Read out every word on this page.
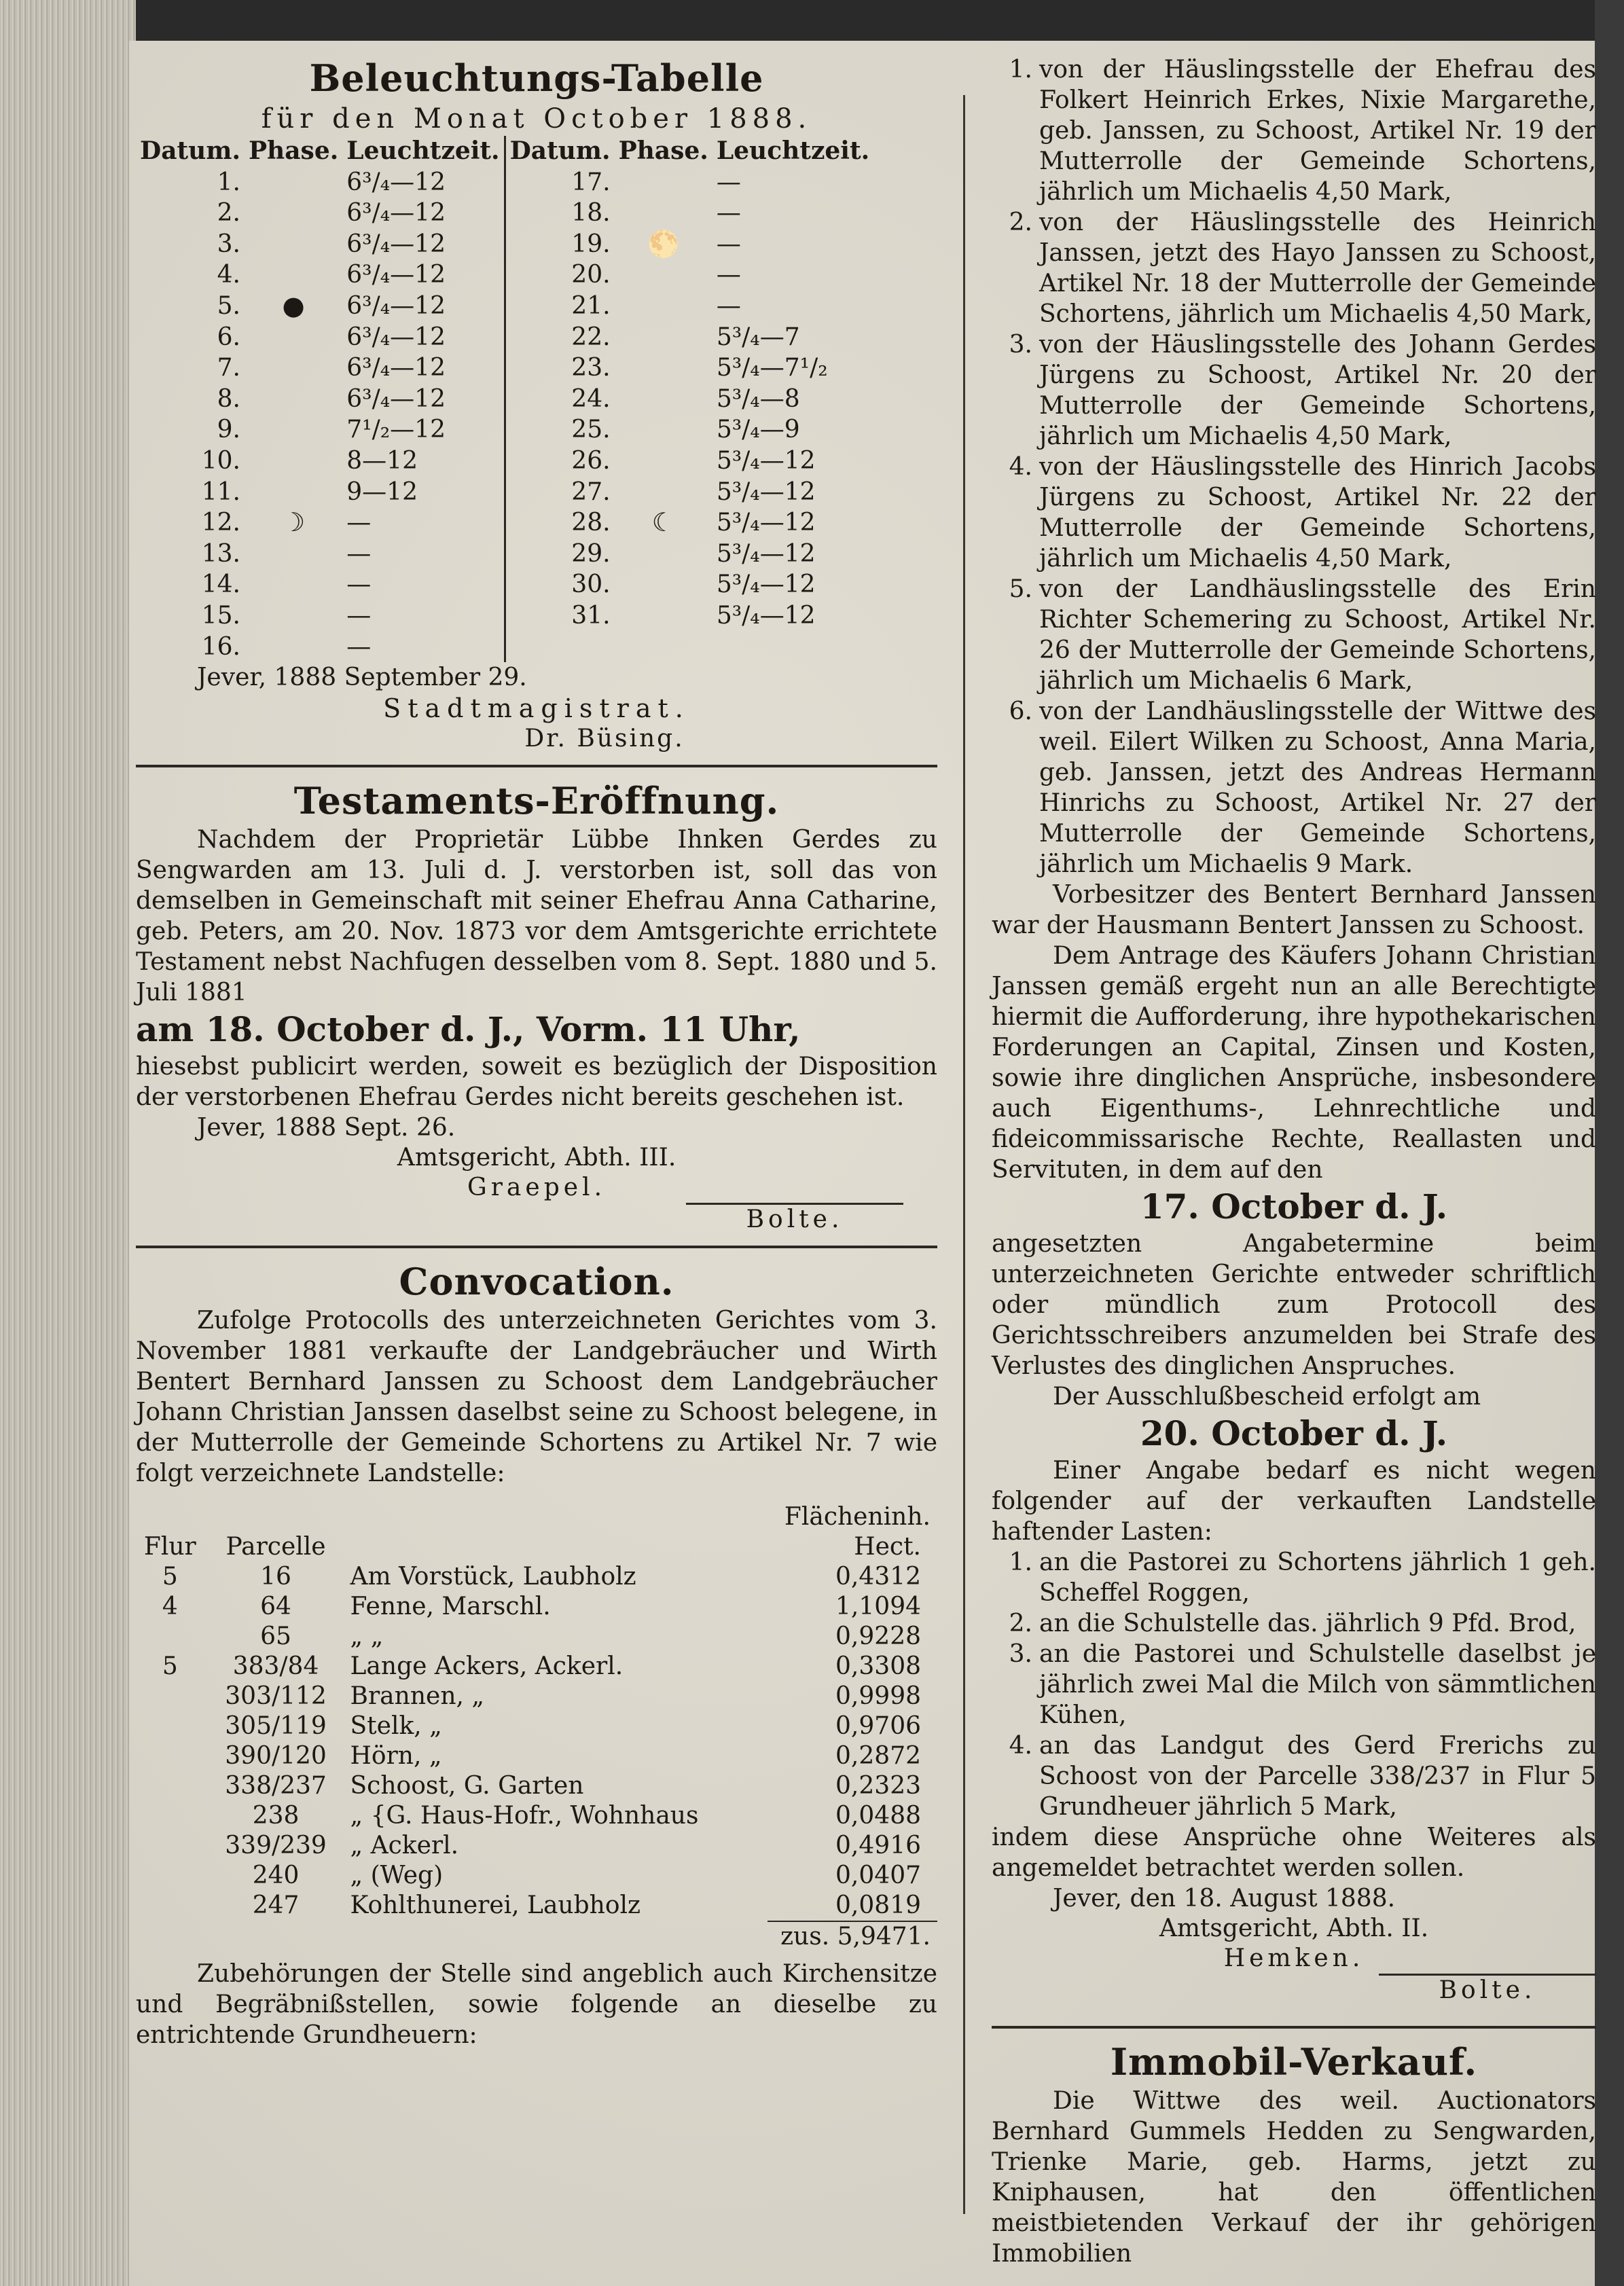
Beleuchtungs-Tabelle
für den Monat October 1888.
Datum.	Phase.	Leuchtzeit.	Datum.	Phase.	Leuchtzeit.
1.		6³/₄—12	17.		—
2.		6³/₄—12	18.		—
3.		6³/₄—12	19.	🌕	—
4.		6³/₄—12	20.		—
5.	●	6³/₄—12	21.		—
6.		6³/₄—12	22.		5³/₄—7
7.		6³/₄—12	23.		5³/₄—7¹/₂
8.		6³/₄—12	24.		5³/₄—8
9.		7¹/₂—12	25.		5³/₄—9
10.		8—12	26.		5³/₄—12
11.		9—12	27.		5³/₄—12
12.	☽	—	28.	☾	5³/₄—12
13.		—	29.		5³/₄—12
14.		—	30.		5³/₄—12
15.		—	31.		5³/₄—12
16.		—			

Jever, 1888 September 29.

Stadtmagistrat.
Dr. Büsing.
Testaments-Eröffnung.

Nachdem der Proprietär Lübbe Ihnken Gerdes zu Sengwarden am 13. Juli d. J. verstorben ist, soll das von demselben in Gemeinschaft mit seiner Ehefrau Anna Catharine, geb. Peters, am 20. Nov. 1873 vor dem Amtsgerichte errichtete Testament nebst Nachfugen desselben vom 8. Sept. 1880 und 5. Juli 1881

am 18. October d. J., Vorm. 11 Uhr,

hiesebst publicirt werden, soweit es bezüglich der Disposition der verstorbenen Ehefrau Gerdes nicht bereits geschehen ist.

Jever, 1888 Sept. 26.

Amtsgericht, Abth. III.
Graepel.
Bolte.
Convocation.

Zufolge Protocolls des unterzeichneten Gerichtes vom 3. November 1881 verkaufte der Landgebräucher und Wirth Bentert Bernhard Janssen zu Schoost dem Landgebräucher Johann Christian Janssen daselbst seine zu Schoost belegene, in der Mutterrolle der Gemeinde Schortens zu Artikel Nr. 7 wie folgt verzeichnete Landstelle:

Flächeninh.
Flur	Parcelle		Hect.
5	16	Am Vorstück, Laubholz	0,4312
4	64	Fenne, Marschl.	1,1094
	65	„ „	0,9228
5	383/84	Lange Ackers, Ackerl.	0,3308
	303/112	Brannen, „	0,9998
	305/119	Stelk, „	0,9706
	390/120	Hörn, „	0,2872
	338/237	Schoost, G. Garten	0,2323
	238	„ {G. Haus-Hofr., Wohnhaus	0,0488

	339/239	„ Ackerl.	0,4916
	240	„ (Weg)	0,0407
	247	Kohlthunerei, Laubholz	0,0819
zus. 5,9471.

Zubehörungen der Stelle sind angeblich auch Kirchensitze und Begräbnißstellen, sowie folgende an dieselbe zu entrichtende Grundheuern:

1. von der Häuslingsstelle der Ehefrau des Folkert Heinrich Erkes, Nixie Margarethe, geb. Janssen, zu Schoost, Artikel Nr. 19 der Mutterrolle der Gemeinde Schortens, jährlich um Michaelis 4,50 Mark,
2. von der Häuslingsstelle des Heinrich Janssen, jetzt des Hayo Janssen zu Schoost, Artikel Nr. 18 der Mutterrolle der Gemeinde Schortens, jährlich um Michaelis 4,50 Mark,
3. von der Häuslingsstelle des Johann Gerdes Jürgens zu Schoost, Artikel Nr. 20 der Mutterrolle der Gemeinde Schortens, jährlich um Michaelis 4,50 Mark,
4. von der Häuslingsstelle des Hinrich Jacobs Jürgens zu Schoost, Artikel Nr. 22 der Mutterrolle der Gemeinde Schortens, jährlich um Michaelis 4,50 Mark,
5. von der Landhäuslingsstelle des Erin Richter Schemering zu Schoost, Artikel Nr. 26 der Mutterrolle der Gemeinde Schortens, jährlich um Michaelis 6 Mark,
6. von der Landhäuslingsstelle der Wittwe des weil. Eilert Wilken zu Schoost, Anna Maria, geb. Janssen, jetzt des Andreas Hermann Hinrichs zu Schoost, Artikel Nr. 27 der Mutterrolle der Gemeinde Schortens, jährlich um Michaelis 9 Mark.

Vorbesitzer des Bentert Bernhard Janssen war der Hausmann Bentert Janssen zu Schoost.

Dem Antrage des Käufers Johann Christian Janssen gemäß ergeht nun an alle Berechtigte hiermit die Aufforderung, ihre hypothekarischen Forderungen an Capital, Zinsen und Kosten, sowie ihre dinglichen Ansprüche, insbesondere auch Eigenthums-, Lehnrechtliche und fideicommissarische Rechte, Reallasten und Servituten, in dem auf den

17. October d. J.

angesetzten Angabetermine beim unterzeichneten Gerichte entweder schriftlich oder mündlich zum Protocoll des Gerichtsschreibers anzumelden bei Strafe des Verlustes des dinglichen Anspruches.

Der Ausschlußbescheid erfolgt am

20. October d. J.

Einer Angabe bedarf es nicht wegen folgender auf der verkauften Landstelle haftender Lasten:

1. an die Pastorei zu Schortens jährlich 1 geh. Scheffel Roggen,
2. an die Schulstelle das. jährlich 9 Pfd. Brod,
3. an die Pastorei und Schulstelle daselbst je jährlich zwei Mal die Milch von sämmtlichen Kühen,
4. an das Landgut des Gerd Frerichs zu Schoost von der Parcelle 338/237 in Flur 5 Grundheuer jährlich 5 Mark,

indem diese Ansprüche ohne Weiteres als angemeldet betrachtet werden sollen.

Jever, den 18. August 1888.

Amtsgericht, Abth. II.
Hemken.
Bolte.
Immobil-Verkauf.

Die Wittwe des weil. Auctionators Bernhard Gummels Hedden zu Sengwarden, Trienke Marie, geb. Harms, jetzt zu Kniphausen, hat den öffentlichen meistbietenden Verkauf der ihr gehörigen Immobilien
